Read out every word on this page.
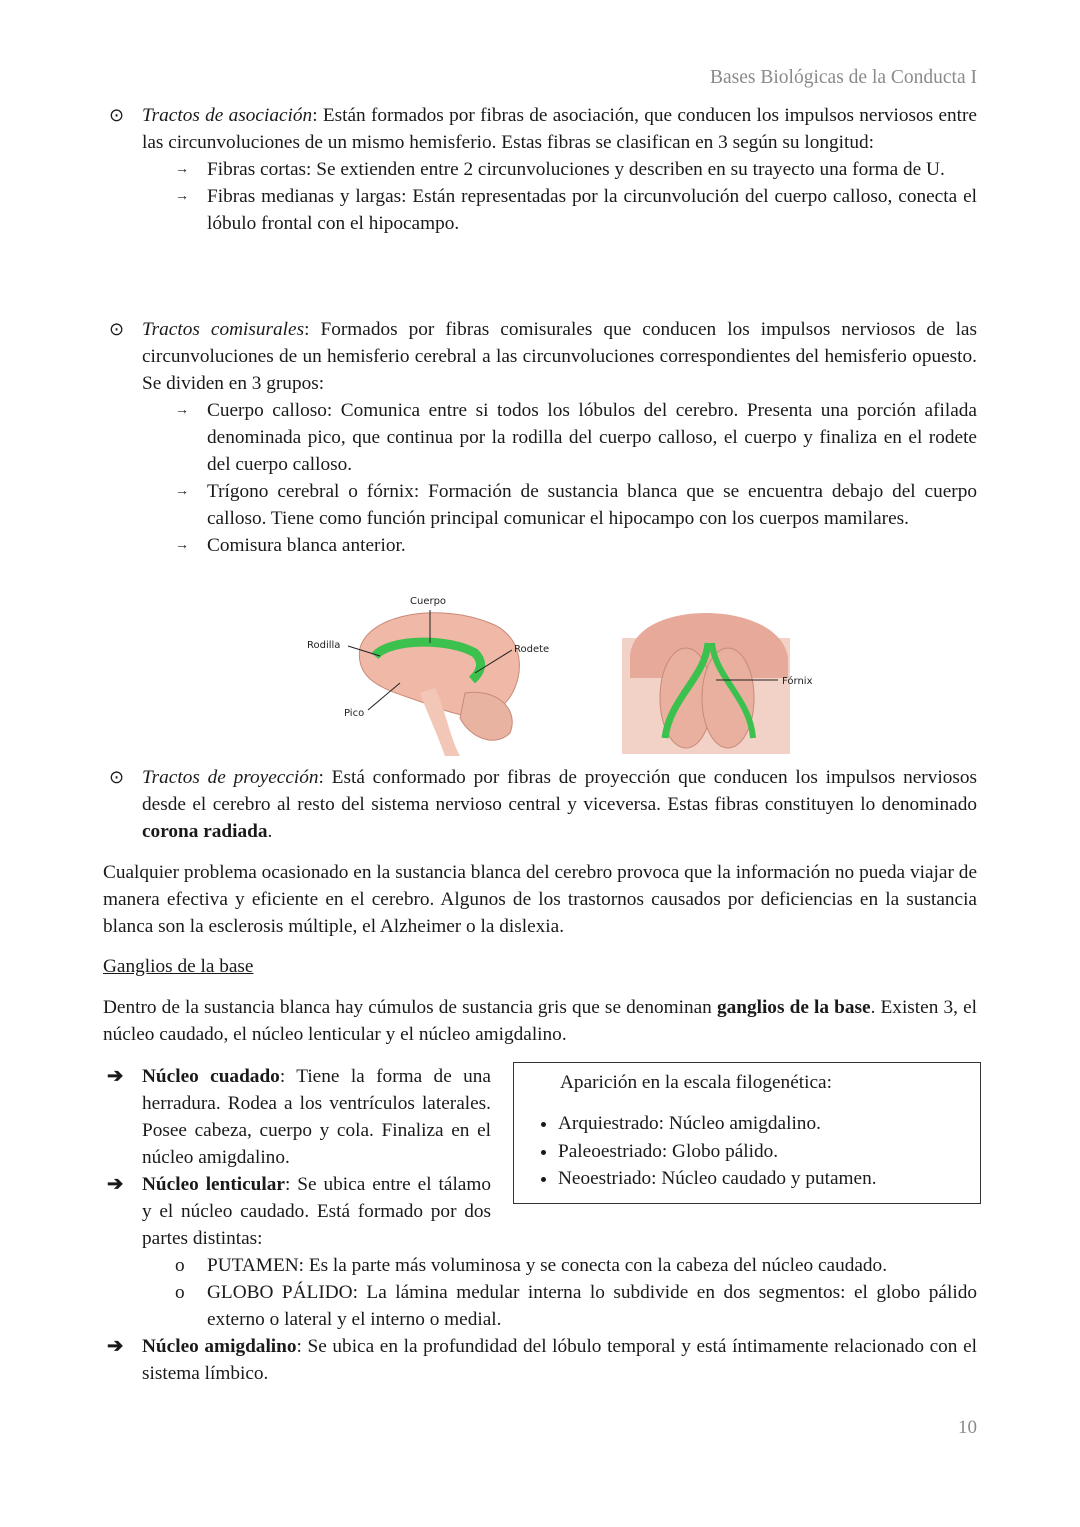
Bases Biológicas de la Conducta I
⊙ Tractos de asociación: Están formados por fibras de asociación, que conducen los impulsos nerviosos entre las circunvoluciones de un mismo hemisferio. Estas fibras se clasifican en 3 según su longitud:
→ Fibras cortas: Se extienden entre 2 circunvoluciones y describen en su trayecto una forma de U.
→ Fibras medianas y largas: Están representadas por la circunvolución del cuerpo calloso, conecta el lóbulo frontal con el hipocampo.
⊙ Tractos comisurales: Formados por fibras comisurales que conducen los impulsos nerviosos de las circunvoluciones de un hemisferio cerebral a las circunvoluciones correspondientes del hemisferio opuesto. Se dividen en 3 grupos:
→ Cuerpo calloso: Comunica entre si todos los lóbulos del cerebro. Presenta una porción afilada denominada pico, que continua por la rodilla del cuerpo calloso, el cuerpo y finaliza en el rodete del cuerpo calloso.
→ Trígono cerebral o fórnix: Formación de sustancia blanca que se encuentra debajo del cuerpo calloso. Tiene como función principal comunicar el hipocampo con los cuerpos mamilares.
→ Comisura blanca anterior.
Cuerpo
Rodilla	Rodete
Pico
Fórnix
⊙ Tractos de proyección: Está conformado por fibras de proyección que conducen los impulsos nerviosos desde el cerebro al resto del sistema nervioso central y viceversa. Estas fibras constituyen lo denominado corona radiada.
Cualquier problema ocasionado en la sustancia blanca del cerebro provoca que la información no pueda viajar de manera efectiva y eficiente en el cerebro. Algunos de los trastornos causados por deficiencias en la sustancia blanca son la esclerosis múltiple, el Alzheimer o la dislexia.
Ganglios de la base
Dentro de la sustancia blanca hay cúmulos de sustancia gris que se denominan ganglios de la base. Existen 3, el núcleo caudado, el núcleo lenticular y el núcleo amigdalino.
Aparición en la escala filogenética:
• Arquiestrado: Núcleo amigdalino.
• Paleoestriado: Globo pálido.
• Neoestriado: Núcleo caudado y putamen.
➔ Núcleo cuadado: Tiene la forma de una herradura. Rodea a los ventrículos laterales. Posee cabeza, cuerpo y cola. Finaliza en el núcleo amigdalino.
➔ Núcleo lenticular: Se ubica entre el tálamo y el núcleo caudado. Está formado por dos partes distintas:
o PUTAMEN: Es la parte más voluminosa y se conecta con la cabeza del núcleo caudado.
o GLOBO PÁLIDO: La lámina medular interna lo subdivide en dos segmentos: el globo pálido externo o lateral y el interno o medial.
➔ Núcleo amigdalino: Se ubica en la profundidad del lóbulo temporal y está íntimamente relacionado con el sistema límbico.
10
